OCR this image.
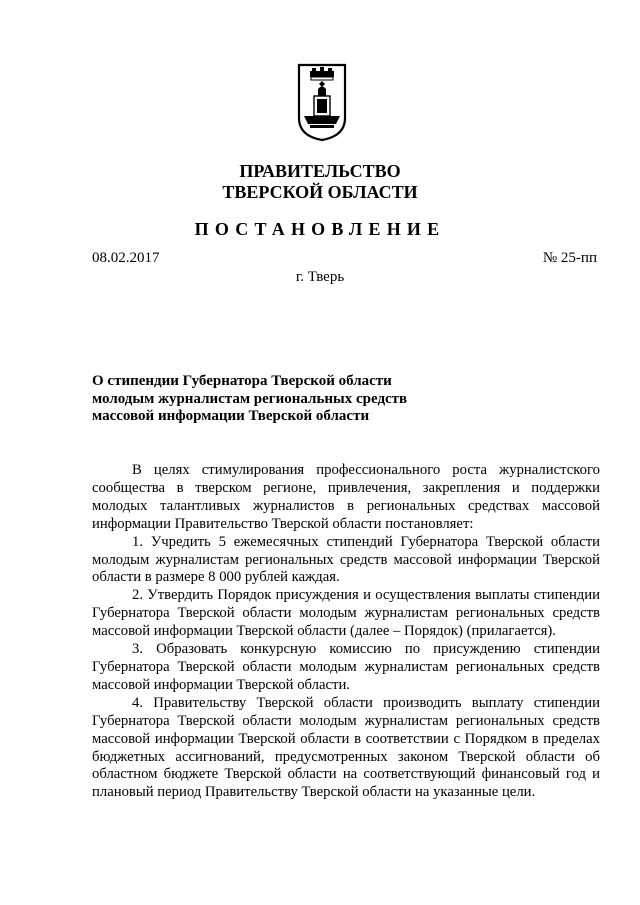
ПРАВИТЕЛЬСТВО
ТВЕРСКОЙ ОБЛАСТИ
ПОСТАНОВЛЕНИЕ
08.02.2017	№ 25-пп
г. Тверь
О стипендии Губернатора Тверской области
молодым журналистам региональных средств
массовой информации Тверской области

В целях стимулирования профессионального роста журналистского сообщества в тверском регионе, привлечения, закрепления и поддержки молодых талантливых журналистов в региональных средствах массовой информации Правительство Тверской области постановляет:

1. Учредить 5 ежемесячных стипендий Губернатора Тверской области молодым журналистам региональных средств массовой информации Тверской области в размере 8 000 рублей каждая.

2. Утвердить Порядок присуждения и осуществления выплаты стипендии Губернатора Тверской области молодым журналистам региональных средств массовой информации Тверской области (далее – Порядок) (прилагается).

3. Образовать конкурсную комиссию по присуждению стипендии Губернатора Тверской области молодым журналистам региональных средств массовой информации Тверской области.

4. Правительству Тверской области производить выплату стипендии Губернатора Тверской области молодым журналистам региональных средств массовой информации Тверской области в соответствии с Порядком в пределах бюджетных ассигнований, предусмотренных законом Тверской области об областном бюджете Тверской области на соответствующий финансовый год и плановый период Правительству Тверской области на указанные цели.
